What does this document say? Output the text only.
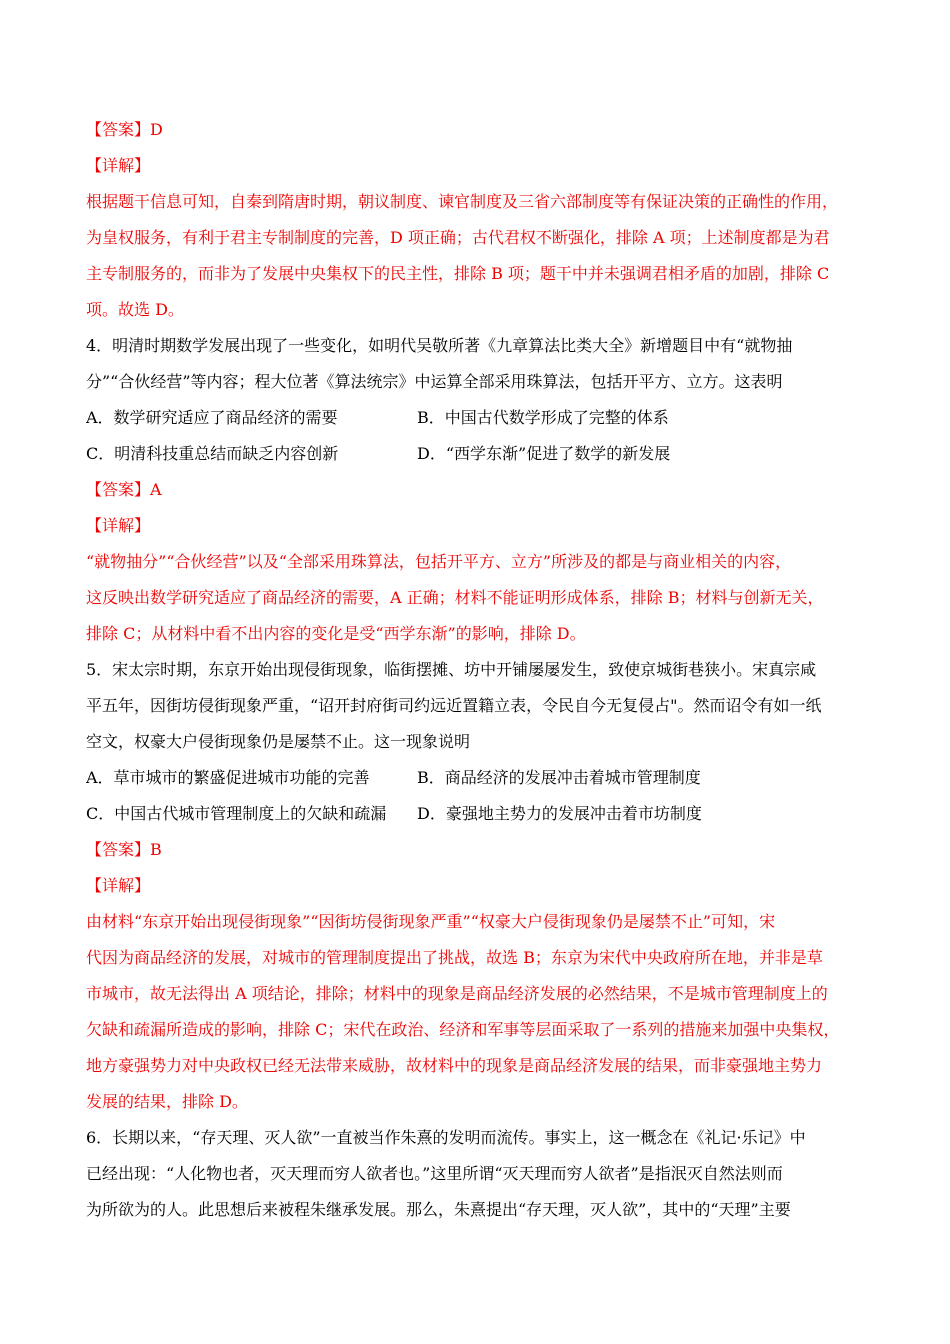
【答案】D
【详解】
根据题干信息可知，自秦到隋唐时期，朝议制度、谏官制度及三省六部制度等有保证决策的正确性的作用，
为皇权服务，有利于君主专制制度的完善，D 项正确；古代君权不断强化，排除 A 项；上述制度都是为君
主专制服务的，而非为了发展中央集权下的民主性，排除 B 项；题干中并未强调君相矛盾的加剧，排除 C
项。故选 D。
4．明清时期数学发展出现了一些变化，如明代吴敬所著《九章算法比类大全》新增题目中有“就物抽
分”“合伙经营”等内容；程大位著《算法统宗》中运算全部采用珠算法，包括开平方、立方。这表明
A．数学研究适应了商品经济的需要	B．中国古代数学形成了完整的体系
C．明清科技重总结而缺乏内容创新	D．“西学东渐”促进了数学的新发展
【答案】A
【详解】
“就物抽分”“合伙经营”以及“全部采用珠算法，包括开平方、立方”所涉及的都是与商业相关的内容，
这反映出数学研究适应了商品经济的需要，A 正确；材料不能证明形成体系，排除 B；材料与创新无关，
排除 C；从材料中看不出内容的变化是受“西学东渐”的影响，排除 D。
5．宋太宗时期，东京开始出现侵街现象，临街摆摊、坊中开铺屡屡发生，致使京城街巷狭小。宋真宗咸
平五年，因街坊侵街现象严重，“诏开封府街司约远近置籍立表，令民自今无复侵占"。然而诏令有如一纸
空文，权豪大户侵街现象仍是屡禁不止。这一现象说明
A．草市城市的繁盛促进城市功能的完善	B．商品经济的发展冲击着城市管理制度
C．中国古代城市管理制度上的欠缺和疏漏	D．豪强地主势力的发展冲击着市坊制度
【答案】B
【详解】
由材料“东京开始出现侵街现象”“因街坊侵街现象严重”“权豪大户侵街现象仍是屡禁不止”可知，宋
代因为商品经济的发展，对城市的管理制度提出了挑战，故选 B；东京为宋代中央政府所在地，并非是草
市城市，故无法得出 A 项结论，排除；材料中的现象是商品经济发展的必然结果，不是城市管理制度上的
欠缺和疏漏所造成的影响，排除 C；宋代在政治、经济和军事等层面采取了一系列的措施来加强中央集权，
地方豪强势力对中央政权已经无法带来威胁，故材料中的现象是商品经济发展的结果，而非豪强地主势力
发展的结果，排除 D。
6．长期以来，“存天理、灭人欲”一直被当作朱熹的发明而流传。事实上，这一概念在《礼记·乐记》中
已经出现：“人化物也者，灭天理而穷人欲者也。”这里所谓“灭天理而穷人欲者”是指泯灭自然法则而
为所欲为的人。此思想后来被程朱继承发展。那么，朱熹提出“存天理，灭人欲”，其中的“天理”主要
